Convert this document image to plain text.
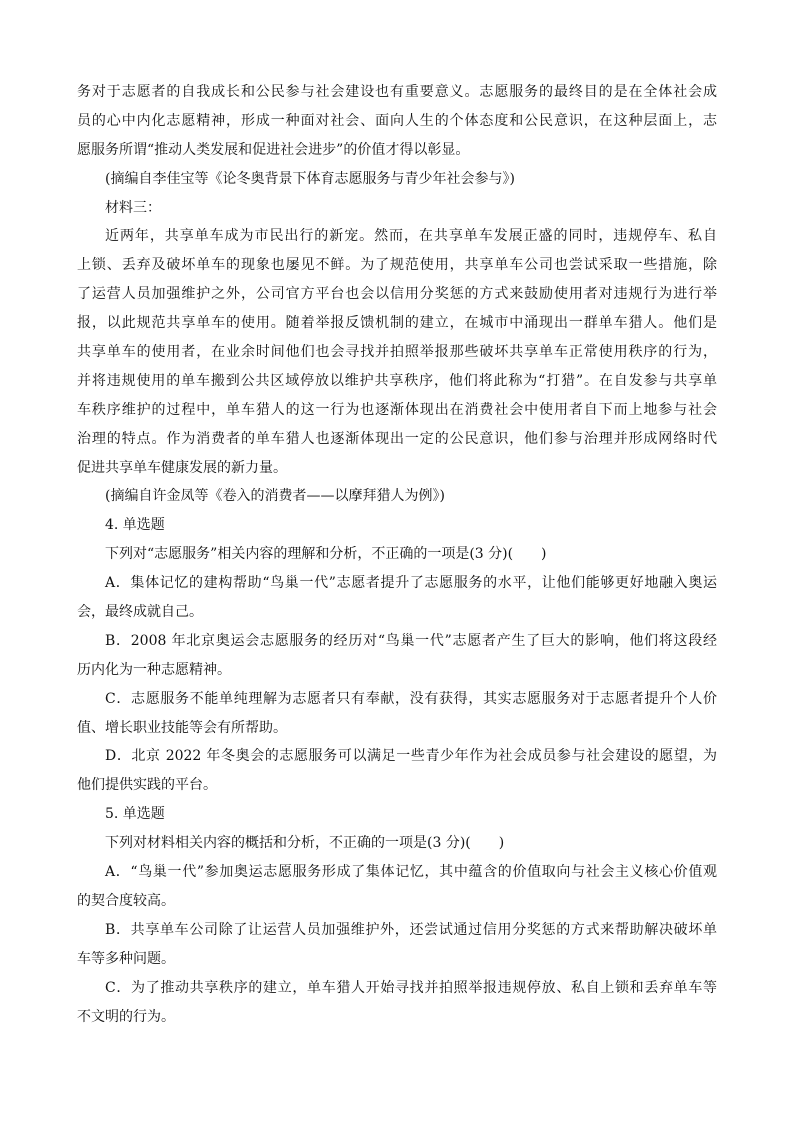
务对于志愿者的自我成长和公民参与社会建设也有重要意义。志愿服务的最终目的是在全体社会成
员的心中内化志愿精神，形成一种面对社会、面向人生的个体态度和公民意识，在这种层面上，志
愿服务所谓“推动人类发展和促进社会进步”的价值才得以彰显。
(摘编自李佳宝等《论冬奥背景下体育志愿服务与青少年社会参与》)
材料三：
近两年，共享单车成为市民出行的新宠。然而，在共享单车发展正盛的同时，违规停车、私自
上锁、丢弃及破坏单车的现象也屡见不鲜。为了规范使用，共享单车公司也尝试采取一些措施，除
了运营人员加强维护之外，公司官方平台也会以信用分奖惩的方式来鼓励使用者对违规行为进行举
报，以此规范共享单车的使用。随着举报反馈机制的建立，在城市中涌现出一群单车猎人。他们是
共享单车的使用者，在业余时间他们也会寻找并拍照举报那些破坏共享单车正常使用秩序的行为，
并将违规使用的单车搬到公共区域停放以维护共享秩序，他们将此称为“打猎”。在自发参与共享单
车秩序维护的过程中，单车猎人的这一行为也逐渐体现出在消费社会中使用者自下而上地参与社会
治理的特点。作为消费者的单车猎人也逐渐体现出一定的公民意识，他们参与治理并形成网络时代
促进共享单车健康发展的新力量。
(摘编自许金凤等《卷入的消费者——以摩拜猎人为例》)
4. 单选题
下列对“志愿服务”相关内容的理解和分析，不正确的一项是(3 分)(　　)
A．集体记忆的建构帮助“鸟巢一代”志愿者提升了志愿服务的水平，让他们能够更好地融入奥运
会，最终成就自己。
B．2008 年北京奥运会志愿服务的经历对“鸟巢一代”志愿者产生了巨大的影响，他们将这段经
历内化为一种志愿精神。
C．志愿服务不能单纯理解为志愿者只有奉献，没有获得，其实志愿服务对于志愿者提升个人价
值、增长职业技能等会有所帮助。
D．北京 2022 年冬奥会的志愿服务可以满足一些青少年作为社会成员参与社会建设的愿望，为
他们提供实践的平台。
5. 单选题
下列对材料相关内容的概括和分析，不正确的一项是(3 分)(　　)
A．“鸟巢一代”参加奥运志愿服务形成了集体记忆，其中蕴含的价值取向与社会主义核心价值观
的契合度较高。
B．共享单车公司除了让运营人员加强维护外，还尝试通过信用分奖惩的方式来帮助解决破坏单
车等多种问题。
C．为了推动共享秩序的建立，单车猎人开始寻找并拍照举报违规停放、私自上锁和丢弃单车等
不文明的行为。
